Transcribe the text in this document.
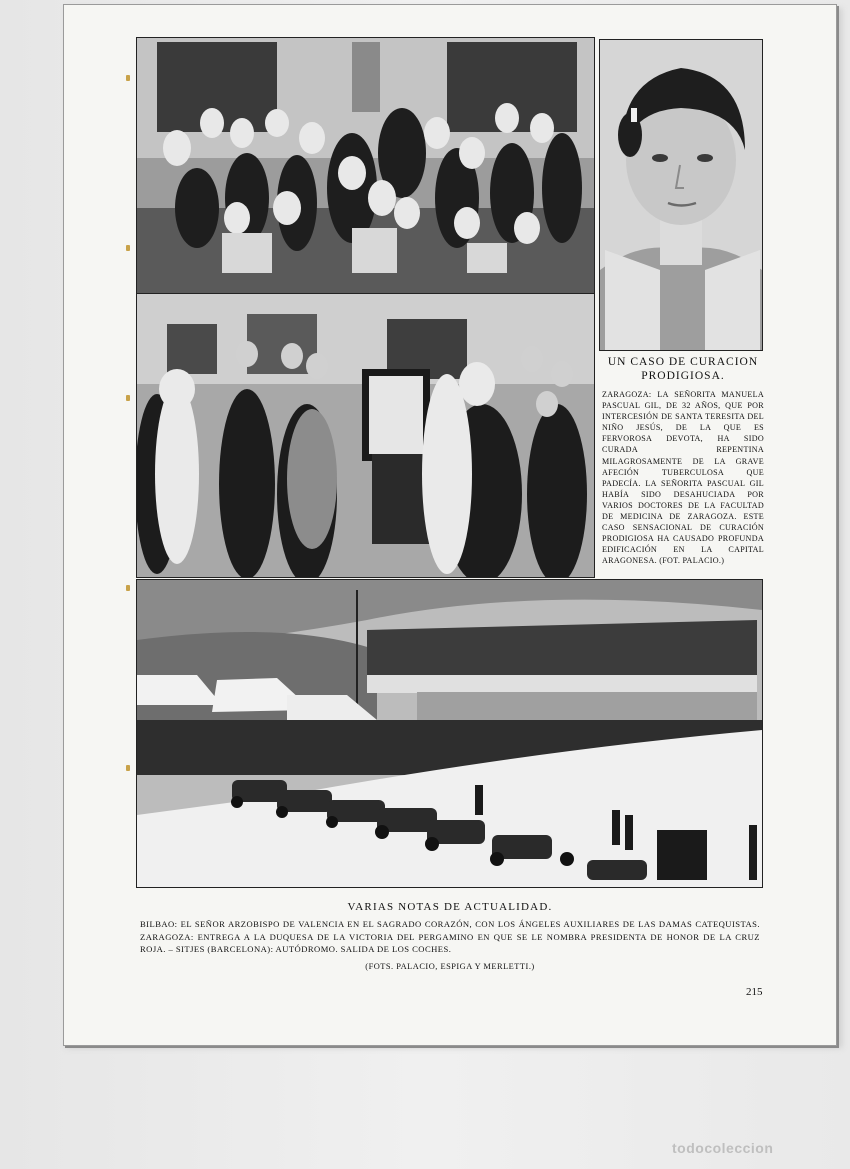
UN CASO DE CURACION PRODIGIOSA.
ZARAGOZA: LA SEÑORITA MANUELA PASCUAL GIL, DE 32 AÑOS, QUE POR INTERCESIÓN DE SANTA TERESITA DEL NIÑO JESÚS, DE LA QUE ES FERVOROSA DEVOTA, HA SIDO CURADA REPENTINA MILAGROSAMENTE DE LA GRAVE AFECIÓN TUBERCULOSA QUE PADECÍA. LA SEÑORITA PASCUAL GIL HABÍA SIDO DESAHUCIADA POR VARIOS DOCTORES DE LA FACULTAD DE MEDICINA DE ZARAGOZA. ESTE CASO SENSACIONAL DE CURACIÓN PRODIGIOSA HA CAUSADO PROFUNDA EDIFICACIÓN EN LA CAPITAL ARAGONESA. (FOT. PALACIO.)
VARIAS NOTAS DE ACTUALIDAD.
BILBAO: EL SEÑOR ARZOBISPO DE VALENCIA EN EL SAGRADO CORAZÓN, CON LOS ÁNGELES AUXILIARES DE LAS DAMAS CATEQUISTAS. ZARAGOZA: ENTREGA A LA DUQUESA DE LA VICTORIA DEL PERGAMINO EN QUE SE LE NOMBRA PRESIDENTA DE HONOR DE LA CRUZ ROJA. – SITJES (BARCELONA): AUTÓDROMO. SALIDA DE LOS COCHES.
(FOTS. PALACIO, ESPIGA Y MERLETTI.)
215
todocoleccion
